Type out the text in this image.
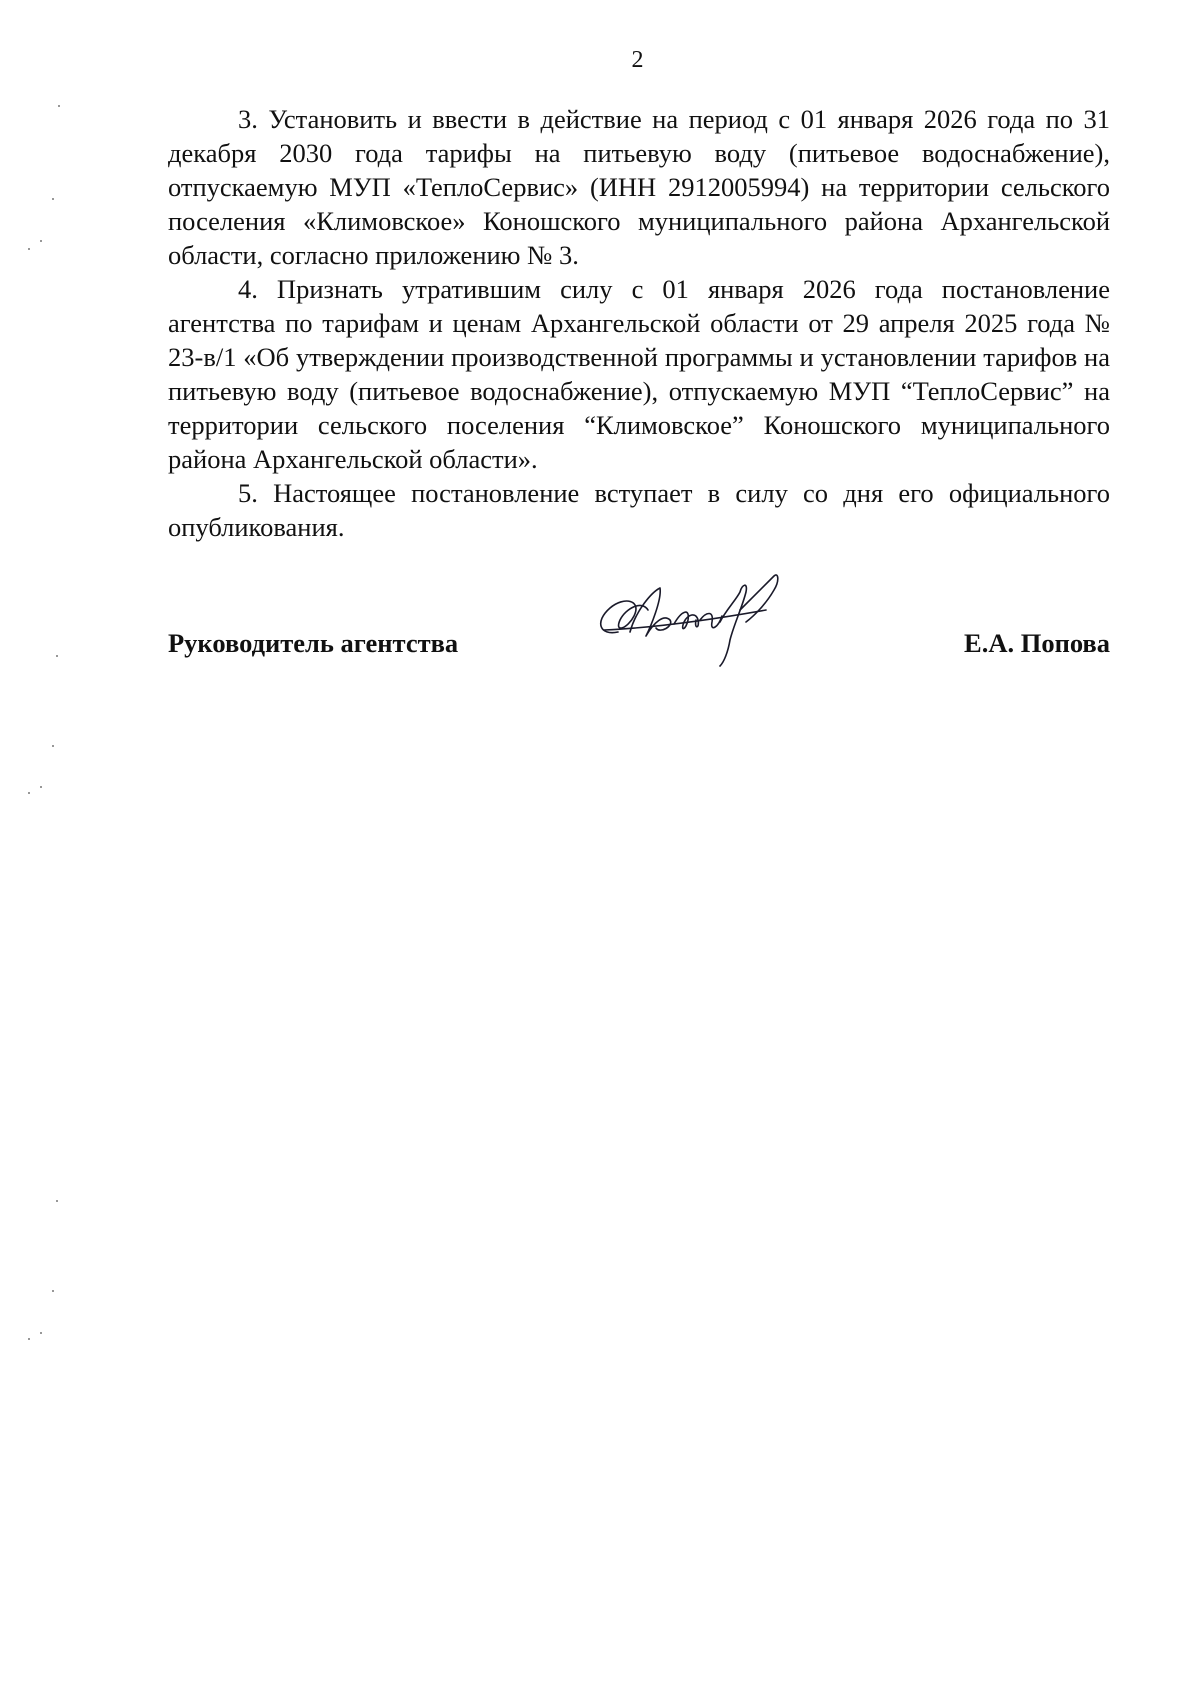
2

3. Установить и ввести в действие на период с 01 января 2026 года по 31 декабря 2030 года тарифы на питьевую воду (питьевое водоснабжение), отпускаемую МУП «ТеплоСервис» (ИНН 2912005994) на территории сельского поселения «Климовское» Коношского муниципального района Архангельской области, согласно приложению № 3.

4. Признать утратившим силу с 01 января 2026 года постановление агентства по тарифам и ценам Архангельской области от 29 апреля 2025 года № 23-в/1 «Об утверждении производственной программы и установлении тарифов на питьевую воду (питьевое водоснабжение), отпускаемую МУП “ТеплоСервис” на территории сельского поселения “Климовское” Коношского муниципального района Архангельской области».

5. Настоящее постановление вступает в силу со дня его официального опубликования.

Руководитель агентства	Е.А. Попова
